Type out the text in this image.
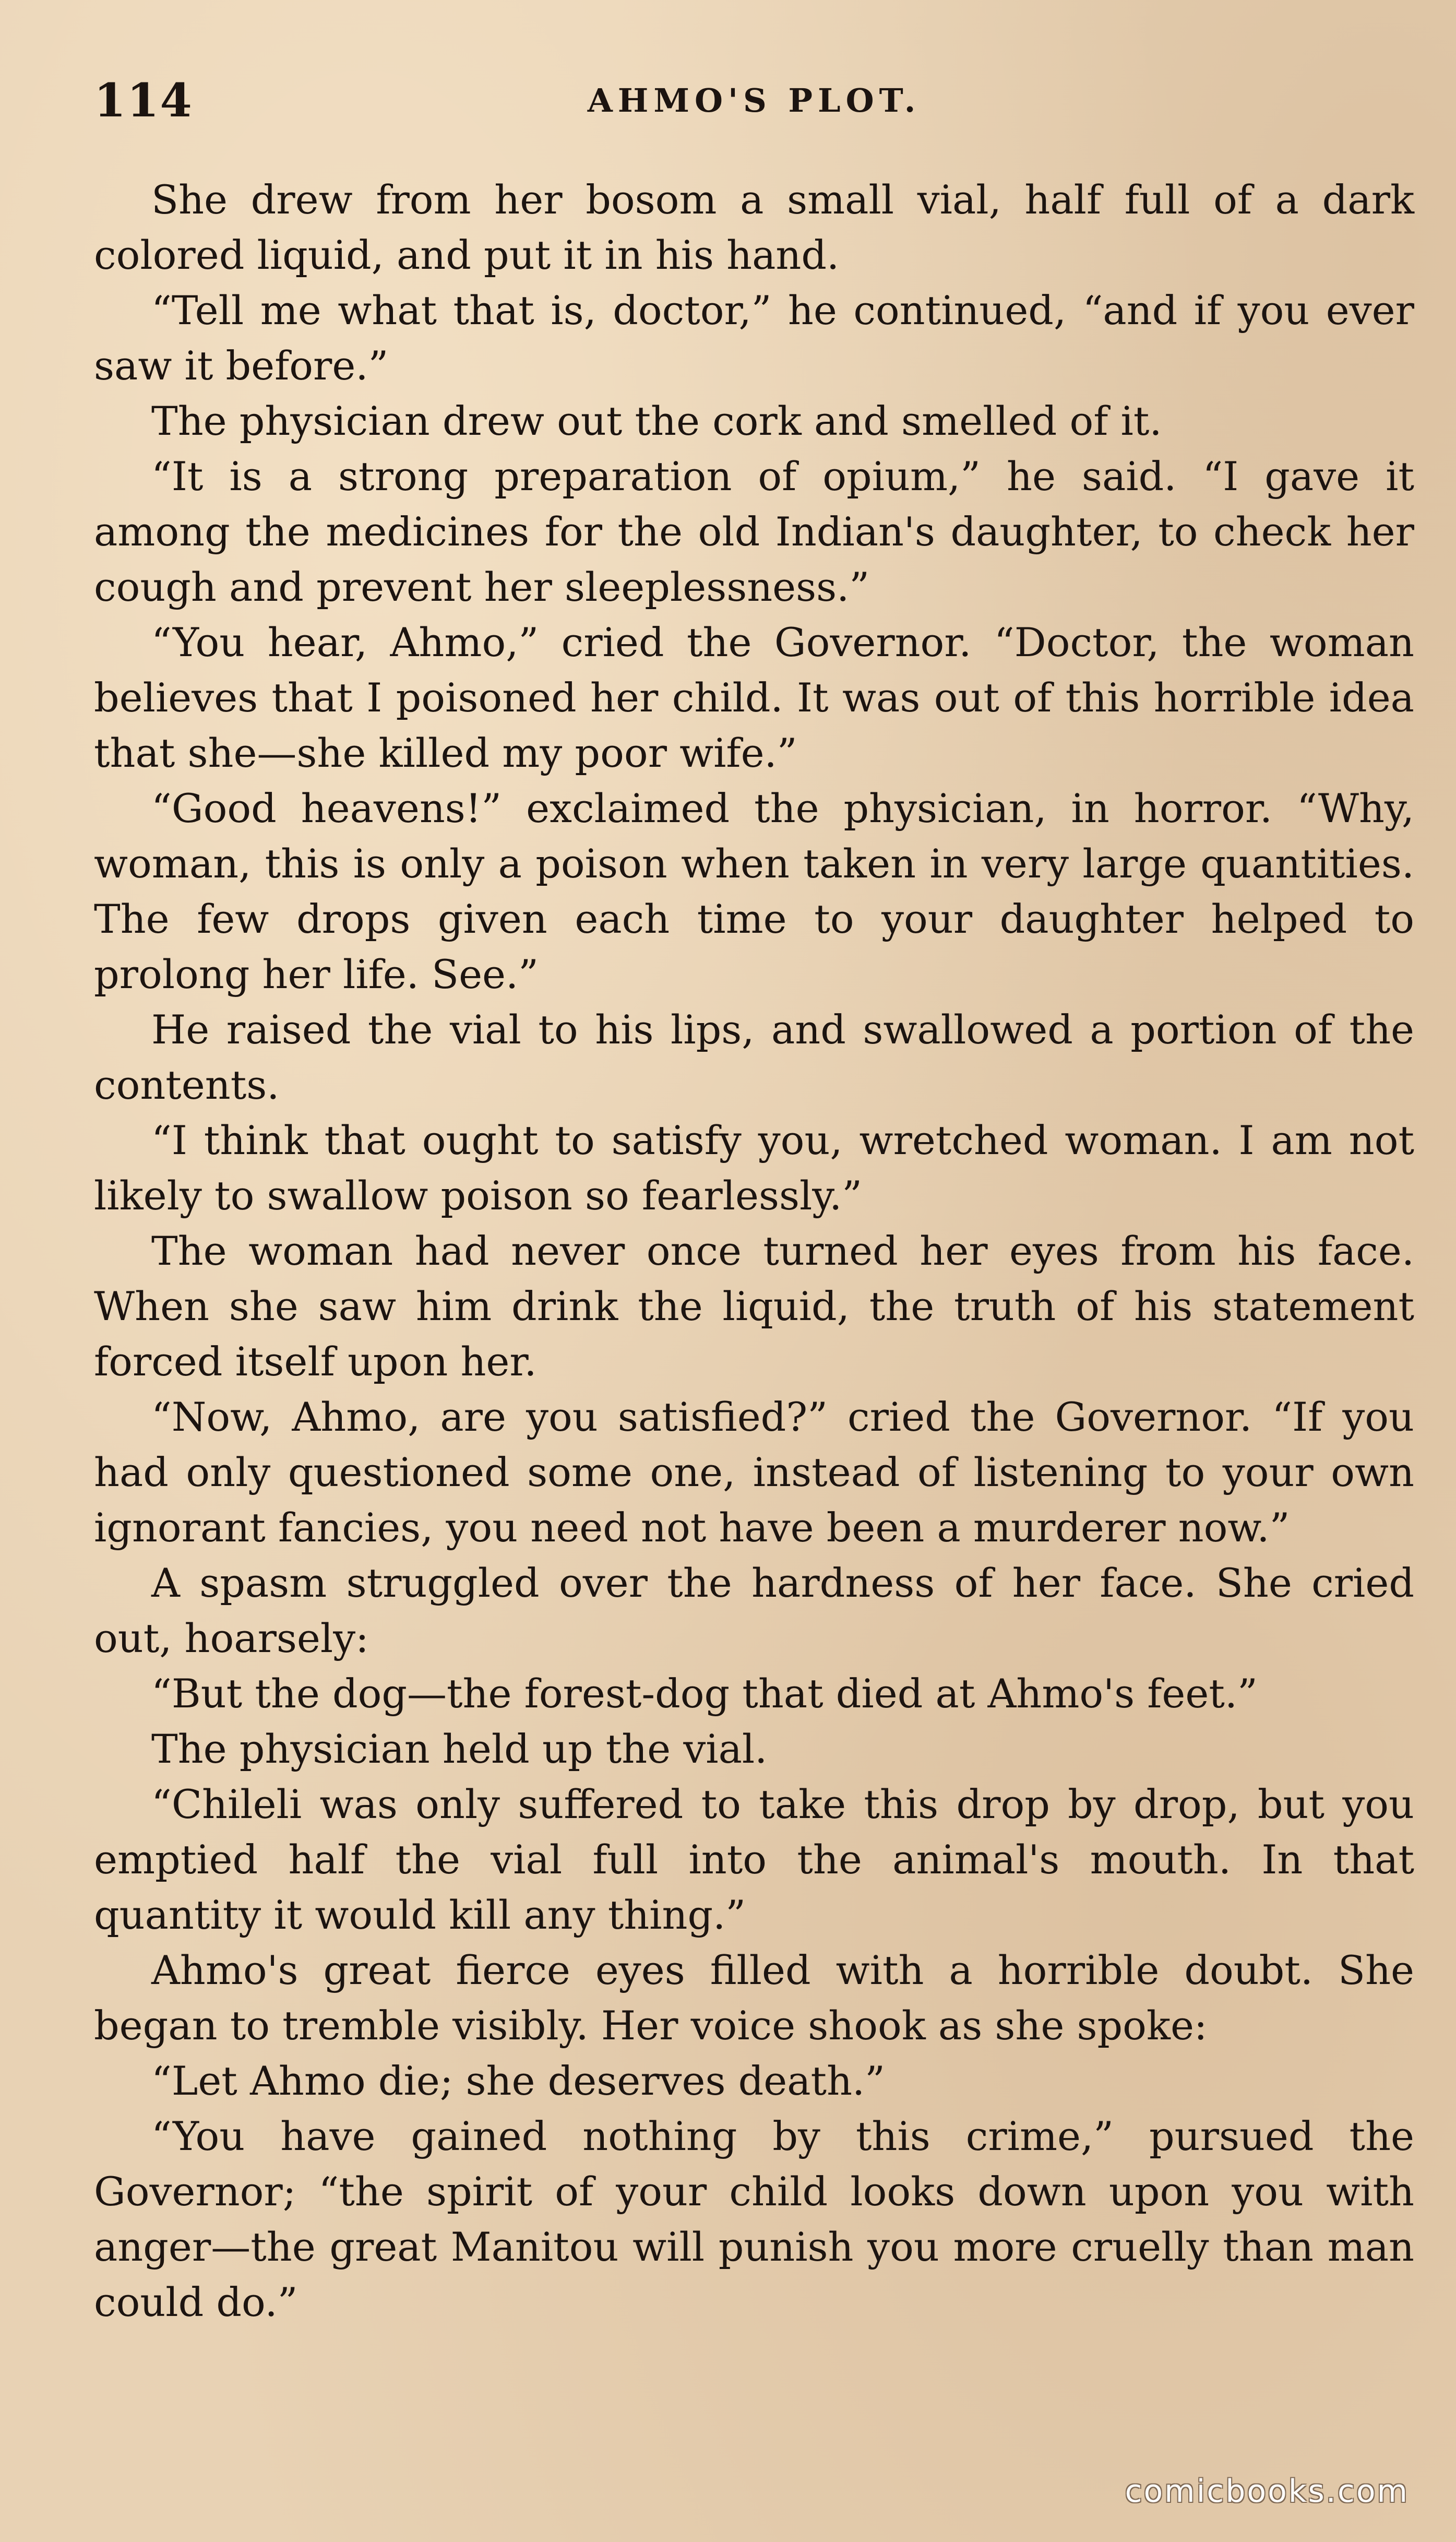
114	AHMO'S PLOT.

She drew from her bosom a small vial, half full of a dark colored liquid, and put it in his hand.

“Tell me what that is, doctor,” he continued, “and if you ever saw it before.”

The physician drew out the cork and smelled of it.

“It is a strong preparation of opium,” he said. “I gave it among the medicines for the old Indian's daughter, to check her cough and prevent her sleeplessness.”

“You hear, Ahmo,” cried the Governor. “Doctor, the woman believes that I poisoned her child. It was out of this horrible idea that she—she killed my poor wife.”

“Good heavens!” exclaimed the physician, in horror. “Why, woman, this is only a poison when taken in very large quantities. The few drops given each time to your daughter helped to prolong her life. See.”

He raised the vial to his lips, and swallowed a portion of the contents.

“I think that ought to satisfy you, wretched woman. I am not likely to swallow poison so fearlessly.”

The woman had never once turned her eyes from his face. When she saw him drink the liquid, the truth of his statement forced itself upon her.

“Now, Ahmo, are you satisfied?” cried the Governor. “If you had only questioned some one, instead of listening to your own ignorant fancies, you need not have been a murderer now.”

A spasm struggled over the hardness of her face. She cried out, hoarsely:

“But the dog—the forest-dog that died at Ahmo's feet.”

The physician held up the vial.

“Chileli was only suffered to take this drop by drop, but you emptied half the vial full into the animal's mouth. In that quantity it would kill any thing.”

Ahmo's great fierce eyes filled with a horrible doubt. She began to tremble visibly. Her voice shook as she spoke:

“Let Ahmo die; she deserves death.”

“You have gained nothing by this crime,” pursued the Governor; “the spirit of your child looks down upon you with anger—the great Manitou will punish you more cruelly than man could do.”

comicbooks.com
